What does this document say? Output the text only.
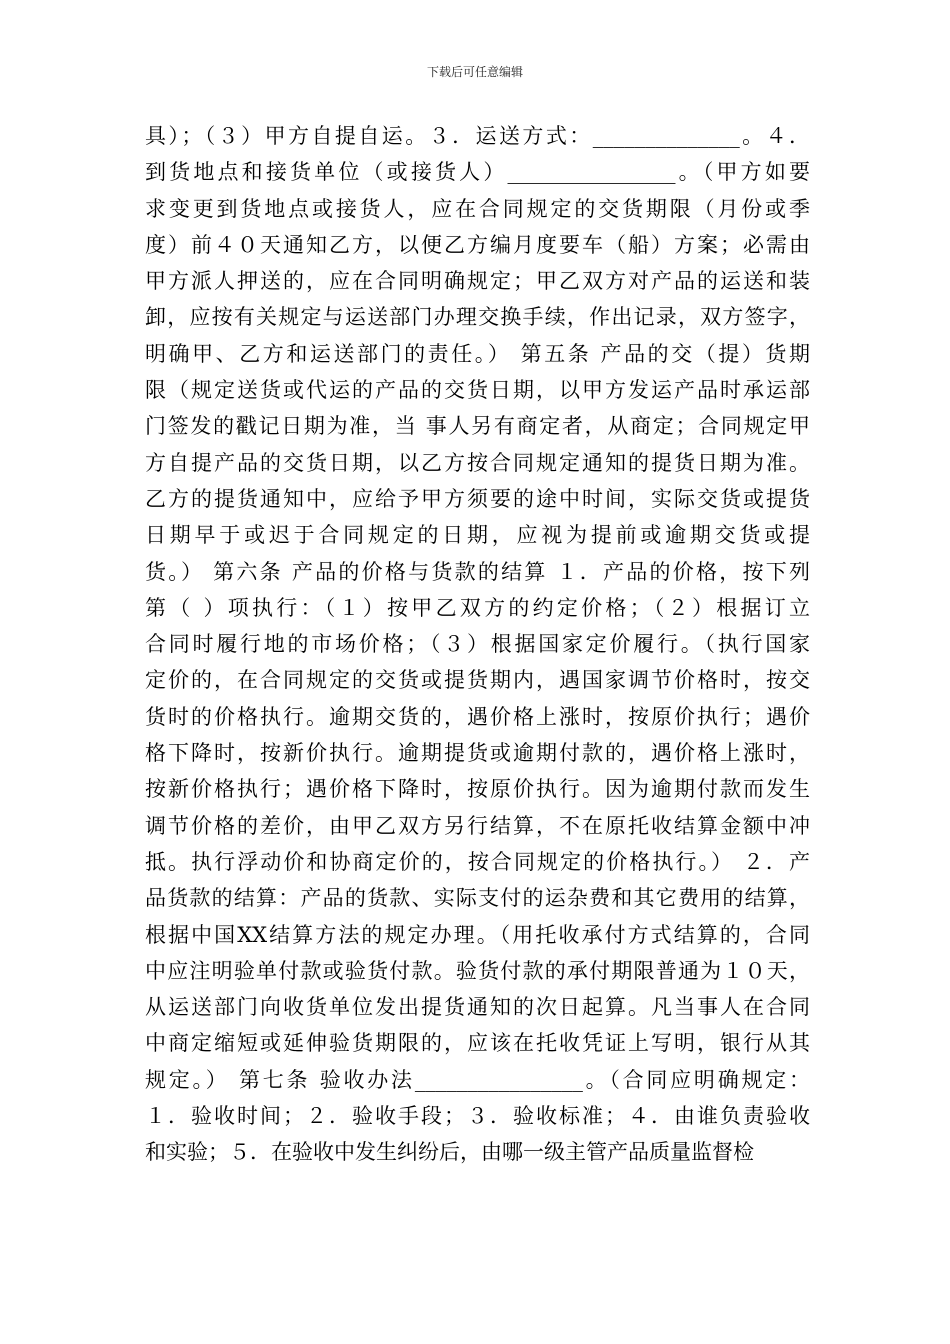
下载后可任意编辑
具）；（３）甲方自提自运。３．运送方式：______________。４．
到货地点和接货单位（或接货人）________________。（甲方如要
求变更到货地点或接货人，应在合同规定的交货期限（月份或季
度）前４０天通知乙方，以便乙方编月度要车（船）方案；必需由
甲方派人押送的，应在合同明确规定；甲乙双方对产品的运送和装
卸，应按有关规定与运送部门办理交换手续，作出记录，双方签字，
明确甲、乙方和运送部门的责任。） 第五条 产品的交（提）货期
限（规定送货或代运的产品的交货日期，以甲方发运产品时承运部
门签发的戳记日期为准，当 事人另有商定者，从商定；合同规定甲
方自提产品的交货日期，以乙方按合同规定通知的提货日期为准。
乙方的提货通知中，应给予甲方须要的途中时间，实际交货或提货
日期早于或迟于合同规定的日期，应视为提前或逾期交货或提
货。） 第六条 产品的价格与货款的结算 １．产品的价格，按下列
第（ ）项执行：（１）按甲乙双方的约定价格；（２）根据订立
合同时履行地的市场价格；（３）根据国家定价履行。（执行国家
定价的，在合同规定的交货或提货期内，遇国家调节价格时，按交
货时的价格执行。逾期交货的，遇价格上涨时，按原价执行；遇价
格下降时，按新价执行。逾期提货或逾期付款的，遇价格上涨时，
按新价格执行；遇价格下降时，按原价执行。因为逾期付款而发生
调节价格的差价，由甲乙双方另行结算，不在原托收结算金额中冲
抵。执行浮动价和协商定价的，按合同规定的价格执行。） ２．产
品货款的结算：产品的货款、实际支付的运杂费和其它费用的结算，
根据中国XX结算方法的规定办理。（用托收承付方式结算的，合同
中应注明验单付款或验货付款。验货付款的承付期限普通为１０天，
从运送部门向收货单位发出提货通知的次日起算。凡当事人在合同
中商定缩短或延伸验货期限的，应该在托收凭证上写明，银行从其
规定。） 第七条 验收办法________________。（合同应明确规定：
１．验收时间；２．验收手段；３．验收标准；４．由谁负责验收
和实验；５．在验收中发生纠纷后，由哪一级主管产品质量监督检
